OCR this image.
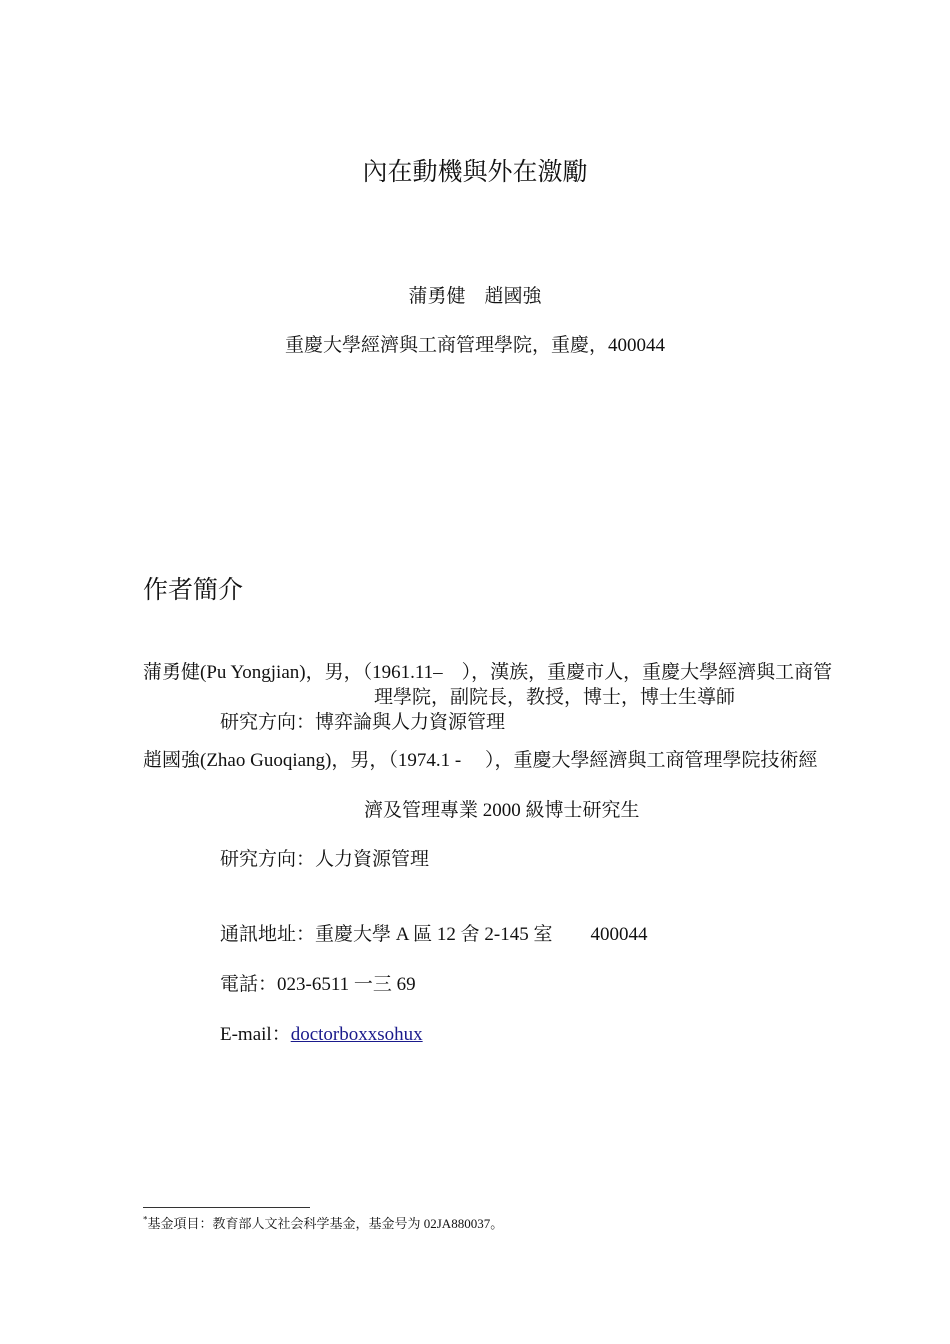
內在動機與外在激勵
蒲勇健　趙國強
重慶大學經濟與工商管理學院，重慶，400044
作者簡介
蒲勇健(Pu Yongjian)，男，（1961.11–　），漢族，重慶市人，重慶大學經濟與工商管
理學院，副院長，教授，博士，博士生導師
研究方向：博弈論與人力資源管理
趙國強(Zhao Guoqiang)，男，（1974.1 -　 ），重慶大學經濟與工商管理學院技術經
濟及管理專業 2000 級博士研究生
研究方向：人力資源管理
通訊地址：重慶大學 A 區 12 舍 2-145 室  400044
電話：023-6511 一三 69
E-mail：doctorboxxsohux
*基金項目：教育部人文社会科学基金，基金号为 02JA880037。
